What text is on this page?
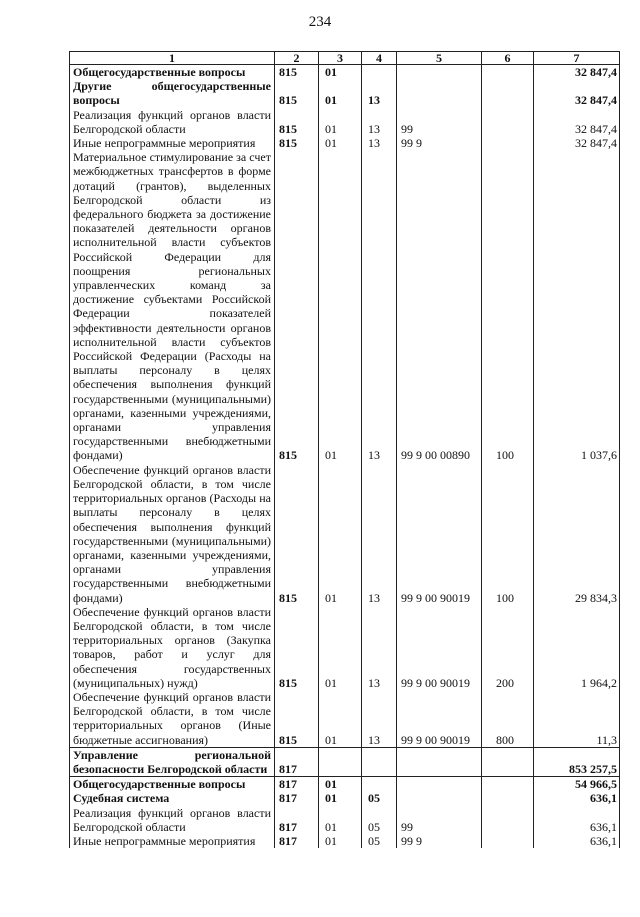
234
1	2	3	4	5	6	7
Общегосударственные вопросы	815	01				32 847,4
Другие общегосударственные вопросы	815	01	13			32 847,4
Реализация функций органов власти Белгородской области	815	01	13	99		32 847,4
Иные непрограммные мероприятия	815	01	13	99 9		32 847,4
Материальное стимулирование за счет межбюджетных трансфертов в форме дотаций (грантов), выделенных Белгородской области из федерального бюджета за достижение показателей деятельности органов исполнительной власти субъектов Российской Федерации для поощрения региональных управленческих команд за достижение субъектами Российской Федерации показателей эффективности деятельности органов исполнительной власти субъектов Российской Федерации (Расходы на выплаты персоналу в целях обеспечения выполнения функций государственными (муниципальными) органами, казенными учреждениями, органами управления государственными внебюджетными фондами)	815	01	13	99 9 00 00890	100	1 037,6
Обеспечение функций органов власти Белгородской области, в том числе территориальных органов (Расходы на выплаты персоналу в целях обеспечения выполнения функций государственными (муниципальными) органами, казенными учреждениями, органами управления государственными внебюджетными фондами)	815	01	13	99 9 00 90019	100	29 834,3
Обеспечение функций органов власти Белгородской области, в том числе территориальных органов (Закупка товаров, работ и услуг для обеспечения государственных (муниципальных) нужд)	815	01	13	99 9 00 90019	200	1 964,2
Обеспечение функций органов власти Белгородской области, в том числе территориальных органов (Иные бюджетные ассигнования)	815	01	13	99 9 00 90019	800	11,3
Управление региональной безопасности Белгородской области	817					853 257,5
Общегосударственные вопросы	817	01				54 966,5
Судебная система	817	01	05			636,1
Реализация функций органов власти Белгородской области	817	01	05	99		636,1
Иные непрограммные мероприятия	817	01	05	99 9		636,1
